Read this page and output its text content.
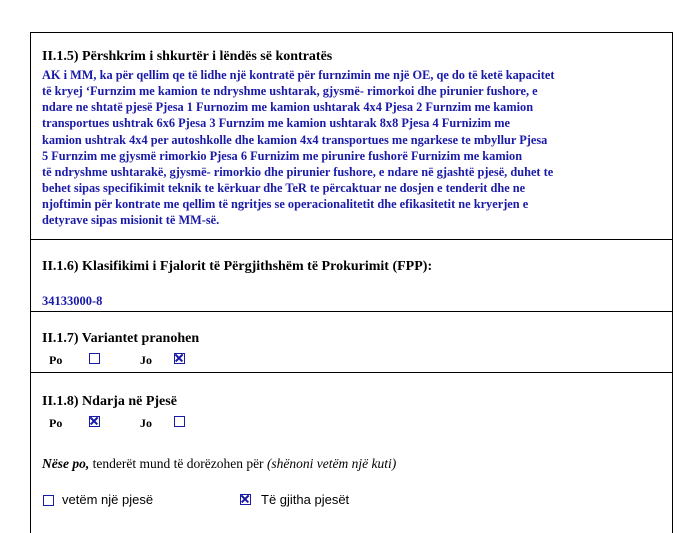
II.1.5) Përshkrim i shkurtër i lëndës së kontratës
AK i MM, ka për qellim qe të lidhe një kontratë për furnzimin me një OE, qe do të ketë kapacitet
të kryej ‘Furnzim me kamion te ndryshme ushtarak, gjysmë- rimorkoi dhe pirunier fushore, e
ndare ne shtatë pjesë Pjesa 1 Furnozim me kamion ushtarak 4x4 Pjesa 2 Furnzim me kamion
transportues ushtrak 6x6 Pjesa 3 Furnzim me kamion ushtarak 8x8 Pjesa 4 Furnizim me
kamion ushtrak 4x4 per autoshkolle dhe kamion 4x4 transportues me ngarkese te mbyllur Pjesa
5 Furnzim me gjysmë rimorkio Pjesa 6 Furnizim me pirunire fushorë Furnizim me kamion
të ndryshme ushtarakë, gjysmë- rimorkio dhe pirunier fushore, e ndare në gjashtë pjesë, duhet te
behet sipas specifikimit teknik te kërkuar dhe TeR te përcaktuar ne dosjen e tenderit dhe ne
njoftimin për kontrate me qellim të ngritjes se operacionalitetit dhe efikasitetit ne kryerjen e
detyrave sipas misionit të MM-së.
II.1.6) Klasifikimi i Fjalorit të Përgjithshëm të Prokurimit (FPP):
34133000-8
II.1.7) Variantet pranohen
Po	Jo
II.1.8) Ndarja në Pjesë
Po	Jo
Nëse po, tenderët mund të dorëzohen për (shënoni vetëm një kuti)
vetëm një pjesë	Të gjitha pjesët
